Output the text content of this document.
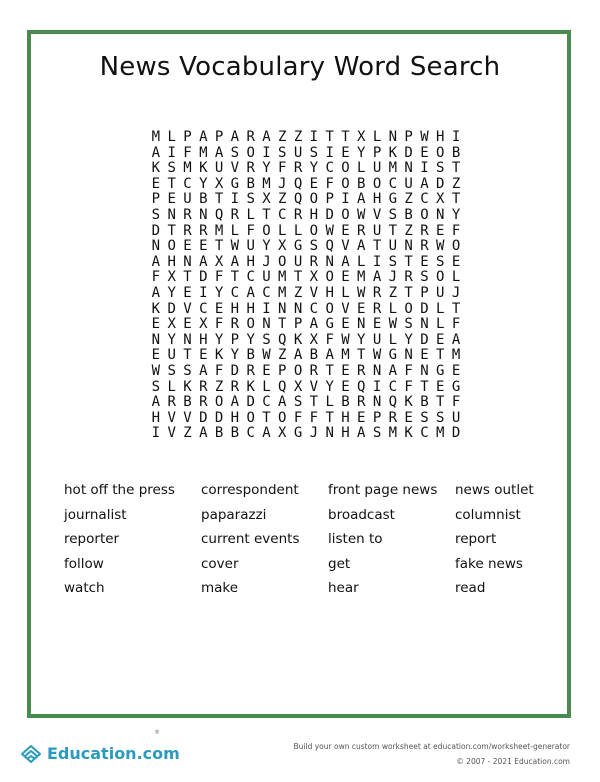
News Vocabulary Word Search
M L P A P A R A Z Z I T T X L N P W H I
A I F M A S O I S U S I E Y P K D E O B
K S M K U V R Y F R Y C O L U M N I S T
E T C Y X G B M J Q E F O B O C U A D Z
P E U B T I S X Z Q O P I A H G Z C X T
S N R N Q R L T C R H D O W V S B O N Y
D T R R M L F O L L O W E R U T Z R E F
N O E E T W U Y X G S Q V A T U N R W O
A H N A X A H J O U R N A L I S T E S E
F X T D F T C U M T X O E M A J R S O L
A Y E I Y C A C M Z V H L W R Z T P U J
K D V C E H H I N N C O V E R L O D L T
E X E X F R O N T P A G E N E W S N L F
N Y N H Y P Y S Q K X F W Y U L Y D E A
E U T E K Y B W Z A B A M T W G N E T M
W S S A F D R E P O R T E R N A F N G E
S L K R Z R K L Q X V Y E Q I C F T E G
A R B R O A D C A S T L B R N Q K B T F
H V V D D H O T O F F T H E P R E S S U
I V Z A B B C A X G J N H A S M K C M D
hot off the press	correspondent	front page news	news outlet
journalist	paparazzi	broadcast	columnist
reporter	current events	listen to	report
follow	cover	get	fake news
watch	make	hear	read
Education.com
®
Build your own custom worksheet at education.com/worksheet-generator
© 2007 - 2021 Education.com
